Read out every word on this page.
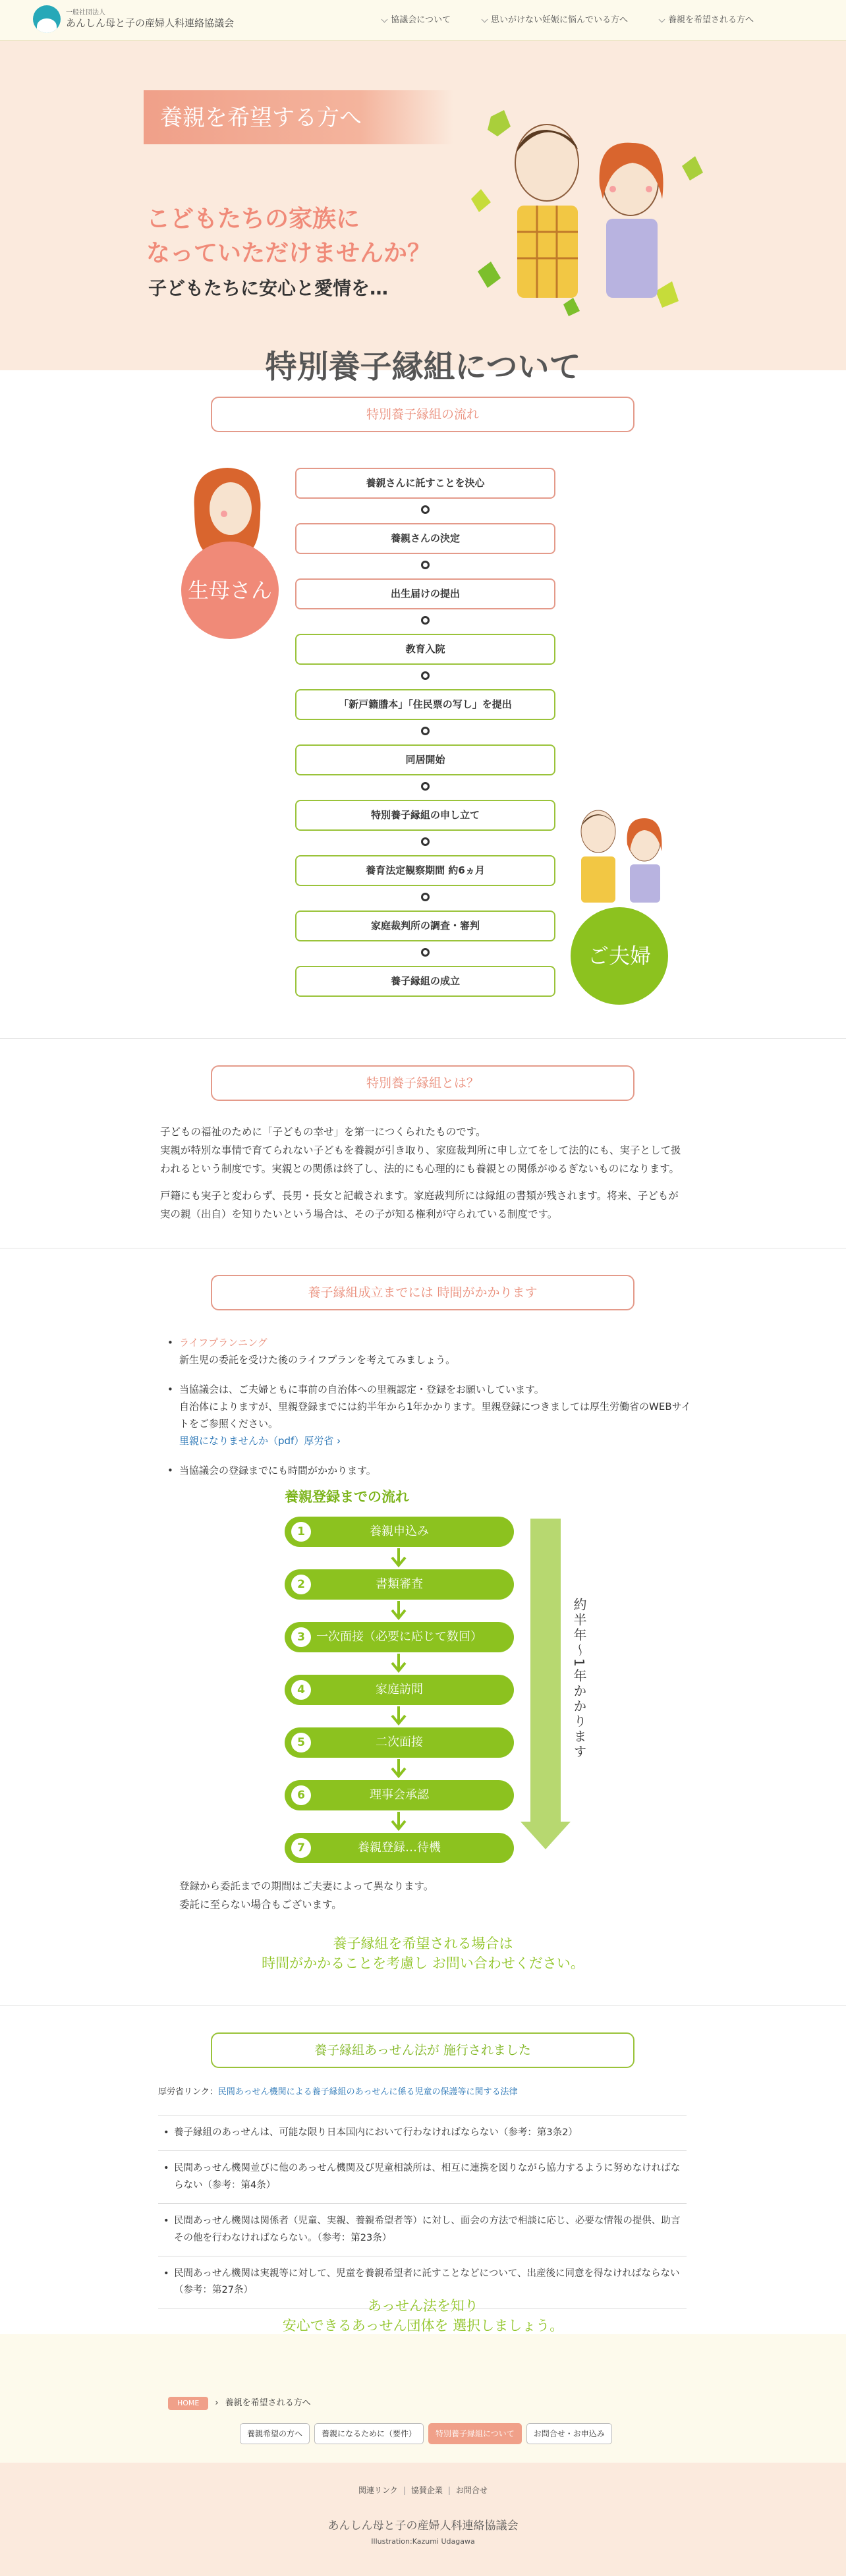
一般社団法人
あんしん母と子の産婦人科連絡協議会	協議会について	思いがけない妊娠に悩んでいる方へ	養親を希望される方へ
養親を希望する方へ
こどもたちの家族に
なっていただけませんか？
子どもたちに安心と愛情を…
特別養子縁組について
特別養子縁組の流れ
生母さん
ご夫婦
養親さんに託すことを決心
養親さんの決定
出生届けの提出
教育入院
「新戸籍謄本」「住民票の写し」を提出
同居開始
特別養子縁組の申し立て
養育法定観察期間 約6ヵ月
家庭裁判所の調査・審判
養子縁組の成立
特別養子縁組とは？

子どもの福祉のために「子どもの幸せ」を第一につくられたものです。
実親が特別な事情で育てられない子どもを養親が引き取り、家庭裁判所に申し立てをして法的にも、実子として扱われるという制度です。実親との関係は終了し、法的にも心理的にも養親との関係がゆるぎないものになります。

戸籍にも実子と変わらず、長男・長女と記載されます。家庭裁判所には縁組の書類が残されます。将来、子どもが実の親（出自）を知りたいという場合は、その子が知る権利が守られている制度です。

養子縁組成立までには 時間がかかります
• ライフプランニング
新生児の委託を受けた後のライフプランを考えてみましょう。
• 当協議会は、ご夫婦ともに事前の自治体への里親認定・登録をお願いしています。
自治体によりますが、里親登録までには約半年から1年かかります。里親登録につきましては厚生労働省のWEBサイトをご参照ください。
里親になりませんか（pdf）厚労省 ›
• 当協議会の登録までにも時間がかかります。
養親登録までの流れ
1	養親申込み
2	書類審査
3 一次面接（必要に応じて数回）
4	家庭訪問
5	二次面接
6	理事会承認
7	養親登録…待機
約半年〜1年かかります

登録から委託までの期間はご夫妻によって異なります。
委託に至らない場合もございます。

養子縁組を希望される場合は
時間がかかることを考慮し お問い合わせください。
養子縁組あっせん法が 施行されました
厚労省リンク：民間あっせん機関による養子縁組のあっせんに係る児童の保護等に関する法律
• 養子縁組のあっせんは、可能な限り日本国内において行わなければならない（参考：第3条2）
• 民間あっせん機関並びに他のあっせん機関及び児童相談所は、相互に連携を図りながら協力するように努めなければならない（参考：第4条）
• 民間あっせん機関は関係者（児童、実親、養親希望者等）に対し、面会の方法で相談に応じ、必要な情報の提供、助言その他を行わなければならない。（参考：第23条）
• 民間あっせん機関は実親等に対して、児童を養親希望者に託すことなどについて、出産後に同意を得なければならない（参考：第27条）
あっせん法を知り
安心できるあっせん団体を 選択しましょう。
HOME	› 養親を希望される方へ
養親希望の方へ	養親になるために（要件）	特別養子縁組について	お問合せ・お申込み
関連リンク | 協賛企業 | お問合せ
あんしん母と子の産婦人科連絡協議会
Illustration:Kazumi Udagawa
